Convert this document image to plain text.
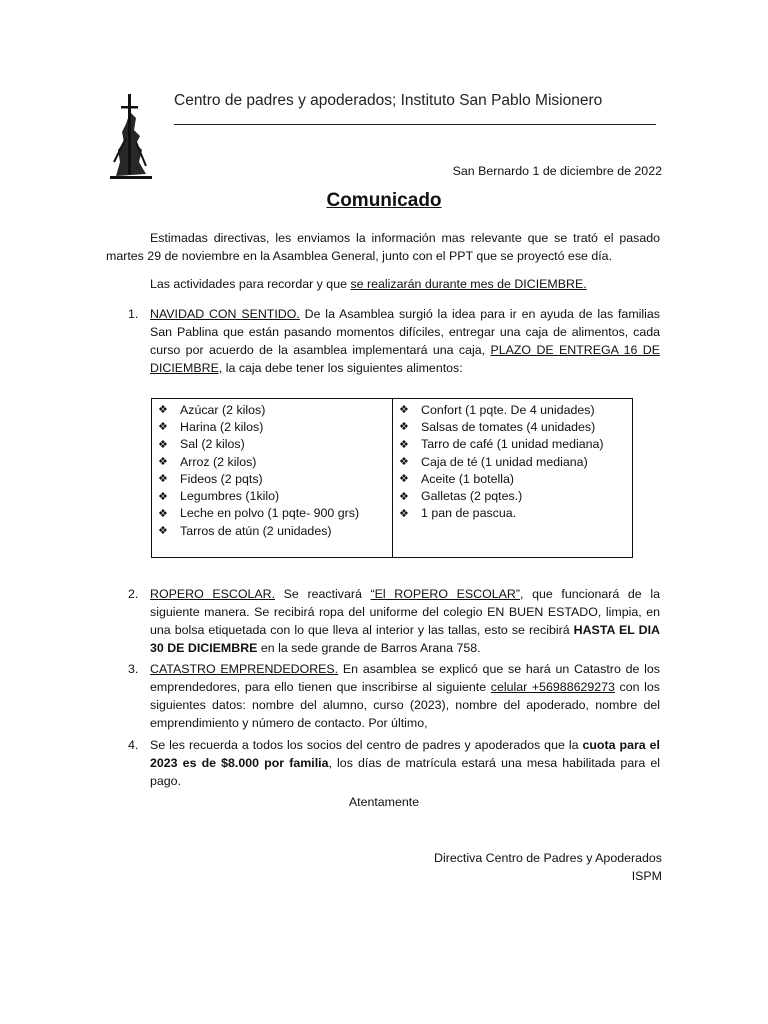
Centro de padres y apoderados; Instituto San Pablo Misionero
San Bernardo 1 de diciembre de 2022
Comunicado
Estimadas directivas, les enviamos la información mas relevante que se trató el pasado martes 29 de noviembre en la Asamblea General, junto con el PPT que se proyectó ese día.
Las actividades para recordar y que se realizarán durante mes de DICIEMBRE.
1. NAVIDAD CON SENTIDO. De la Asamblea surgió la idea para ir en ayuda de las familias San Pablina que están pasando momentos difíciles, entregar una caja de alimentos, cada curso por acuerdo de la asamblea implementará una caja, PLAZO DE ENTREGA 16 DE DICIEMBRE, la caja debe tener los siguientes alimentos:
❖ Azúcar (2 kilos)
❖ Harina (2 kilos)
❖ Sal (2 kilos)
❖ Arroz (2 kilos)
❖ Fideos (2 pqts)
❖ Legumbres (1kilo)
❖ Leche en polvo (1 pqte- 900 grs)
❖ Tarros de atún (2 unidades)
❖ Confort (1 pqte. De 4 unidades)
❖ Salsas de tomates (4 unidades)
❖ Tarro de café (1 unidad mediana)
❖ Caja de té (1 unidad mediana)
❖ Aceite (1 botella)
❖ Galletas (2 pqtes.)
❖ 1 pan de pascua.
2. ROPERO ESCOLAR. Se reactivará “El ROPERO ESCOLAR”, que funcionará de la siguiente manera. Se recibirá ropa del uniforme del colegio EN BUEN ESTADO, limpia, en una bolsa etiquetada con lo que lleva al interior y las tallas, esto se recibirá HASTA EL DIA 30 DE DICIEMBRE en la sede grande de Barros Arana 758.
3. CATASTRO EMPRENDEDORES. En asamblea se explicó que se hará un Catastro de los emprendedores, para ello tienen que inscribirse al siguiente celular +56988629273 con los siguientes datos: nombre del alumno, curso (2023), nombre del apoderado, nombre del emprendimiento y número de contacto. Por último,
4. Se les recuerda a todos los socios del centro de padres y apoderados que la cuota para el 2023 es de $8.000 por familia, los días de matrícula estará una mesa habilitada para el pago.
Atentamente
Directiva Centro de Padres y Apoderados
ISPM
